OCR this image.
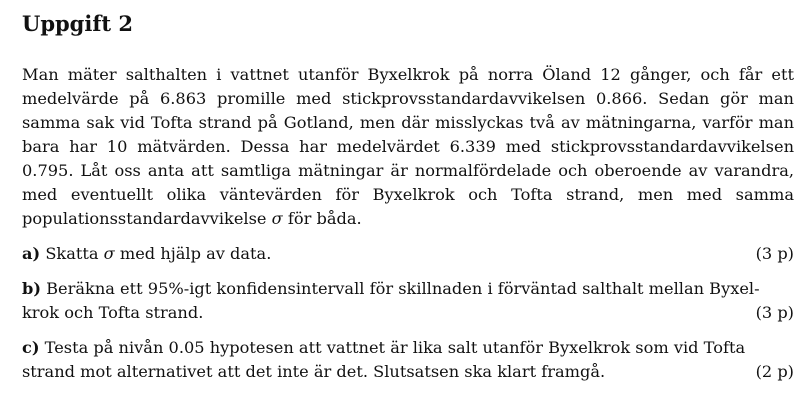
Uppgift 2

Man mäter salthalten i vattnet utanför Byxelkrok på norra Öland 12 gånger, och får ett medelvärde på 6.863 promille med stickprovsstandardavvikelsen 0.866. Sedan gör man samma sak vid Tofta strand på Gotland, men där misslyckas två av mätningarna, varför man bara har 10 mätvärden. Dessa har medelvärdet 6.339 med stickprovsstandardavvikelsen 0.795. Låt oss anta att samtliga mätningar är normalfördelade och oberoende av varandra, med eventuellt olika väntevärden för Byxelkrok och Tofta strand, men med samma populationsstandardavvikelse σ för båda.

a) Skatta σ med hjälp av data.	(3 p)
b) Beräkna ett 95%-igt konfidensintervall för skillnaden i förväntad salthalt mellan Byxel-
krok och Tofta strand.	(3 p)
c) Testa på nivån 0.05 hypotesen att vattnet är lika salt utanför Byxelkrok som vid Tofta
strand mot alternativet att det inte är det. Slutsatsen ska klart framgå.	(2 p)
